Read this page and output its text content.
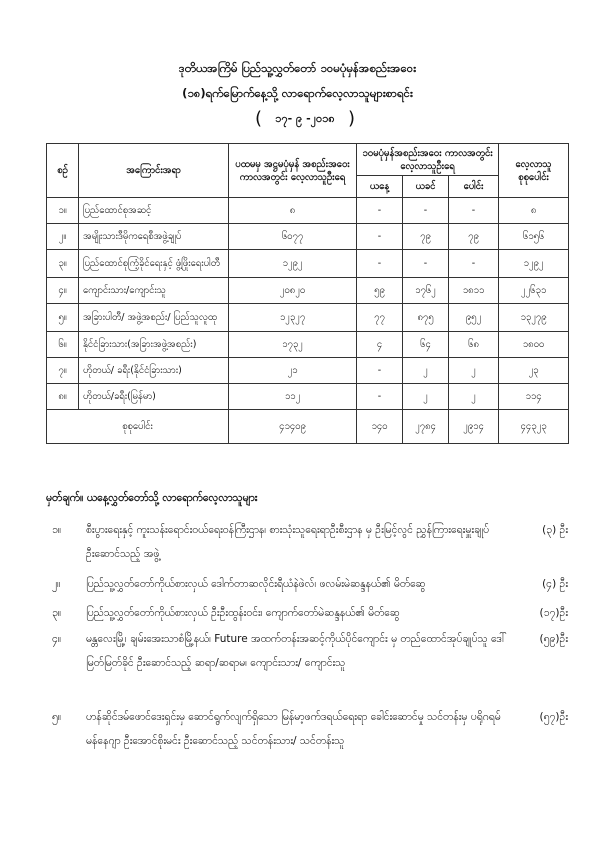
ဒုတိယအကြိမ် ပြည်သူ့လွှတ်တော် ၁၀မပုံမှန်အစည်းအဝေး
(၁၈)ရက်မြောက်နေ့သို့ လာရောက်လေ့လာသူများစာရင်း
( ၁၇- ၉ -၂၀၁၈ )
စဥ်	အကြောင်းအရာ	ပထမမှ အဋ္ဌမပုံမှန် အစည်းအဝေးကာလအတွင်း လေ့လာသူဦးရေ	၁၀မပုံမှန်အစည်းအဝေး ကာလအတွင်း လေ့လာသူဦးရေ			လေ့လာသူ စုစုပေါင်း
			ယနေ့	ယခင်	ပေါင်း	
၁။	ပြည်ထောင်စုအဆင့်	၈	-	-	-	၈
၂။	အမျိုးသားဒီမိုကရေစီအဖွဲ့ချုပ်	၆၀၇၇	-	၇၉	၇၉	၆၁၅၆
၃။	ပြည်ထောင်စုကြံ့ခိုင်ရေးနှင့် ဖွံ့ဖြိုးရေးပါတီ	၁၂၉၂	-	-	-	၁၂၉၂
၄။	ကျောင်းသား/ကျောင်းသူ	၂၀၈၂၀	၅၉	၁၇၆၂	၁၈၁၁	၂၂၆၃၁
၅။	အခြားပါတီ/ အဖွဲ့အစည်း/ ပြည်သူလူထု	၁၂၃၂၇	၇၇	၈၇၅	၉၅၂	၁၃၂၇၉
၆။	နိုင်ငံခြားသား(အခြားအဖွဲ့အစည်း)	၁၇၃၂	၄	၆၄	၆၈	၁၈၀၀
၇။	ဟိုတယ်/ ခရီး(နိုင်ငံခြားသား)	၂၁	-	၂	၂	၂၃
၈။	ဟိုတယ်/ခရီး(မြန်မာ)	၁၁၂	-	၂	၂	၁၁၄
စုစုပေါင်း		၄၁၄၀၉	၁၄၀	၂၇၈၄	၂၉၁၄	၄၄၃၂၃
မှတ်ချက်။ ယနေ့လွှတ်တော်သို့ လာရောက်လေ့လာသူများ
၁။ စီးပွားရေးနှင့် ကူးသန်းရောင်းဝယ်ရေးဝန်ကြီးဌာန၊ စားသုံးသူရေးရာဦးစီးဌာန မှ ဦးမြင့်လွင် ညွှန်ကြားရေးမှူးချုပ် ဦးဆောင်သည့် အဖွဲ့
(၃) ဦး
၂။ ပြည်သူ့လွှတ်တော်ကိုယ်စားလှယ် ဒေါက်တာဆလိုင်းရီယံနဲဖဲလ်၊ ဖလမ်းမဲဆန္ဒနယ်၏ မိတ်ဆွေ	(၄) ဦး
၃။ ပြည်သူ့လွှတ်တော်ကိုယ်စားလှယ် ဦးဦးထွန်းဝင်း၊ ကျောက်တော်မဲဆန္ဒနယ်၏ မိတ်ဆွေ	(၁၇)ဦး
၄။ မန္တလေးမြို့၊ ချမ်းအေးသာစံမြို့နယ်၊ Future အထက်တန်းအဆင့်ကိုယ်ပိုင်ကျောင်း မှ တည်ထောင်အုပ်ချုပ်သူ ဒေါ်မြတ်မြတ်ခိုင် ဦးဆောင်သည့် ဆရာ/ဆရာမ၊ ကျောင်းသား/ ကျောင်းသူ
(၅၉)ဦး
၅။ ဟန်ဆိုင်ဒမ်ဖောင်ဒေးရှင်းမှ ဆောင်ရွက်လျက်ရှိသော မြန်မာ့ဖက်ဒရယ်ရေးရာ ခေါင်းဆောင်မှု သင်တန်းမှ ပရိုဂရမ်မန်နေဂျာ ဦးအောင်စိုးမင်း ဦးဆောင်သည့် သင်တန်းသား/ သင်တန်းသူ
(၅၇)ဦး
